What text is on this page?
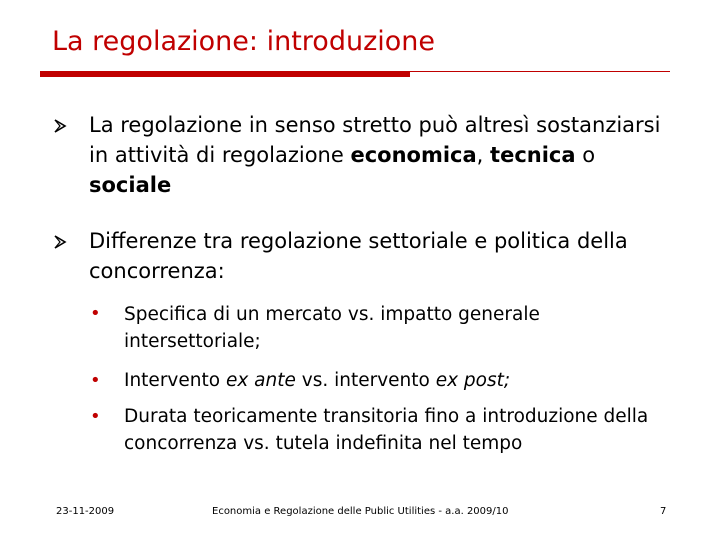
La regolazione: introduzione
La regolazione in senso stretto può altresì sostanziarsi in attività di regolazione economica, tecnica o sociale
Differenze tra regolazione settoriale e politica della concorrenza:
•
Specifica di un mercato vs. impatto generale intersettoriale;
•
Intervento ex ante vs. intervento ex post;
•
Durata teoricamente transitoria fino a introduzione della concorrenza vs. tutela indefinita nel tempo
23-11-2009	Economia e Regolazione delle Public Utilities - a.a. 2009/10	7
